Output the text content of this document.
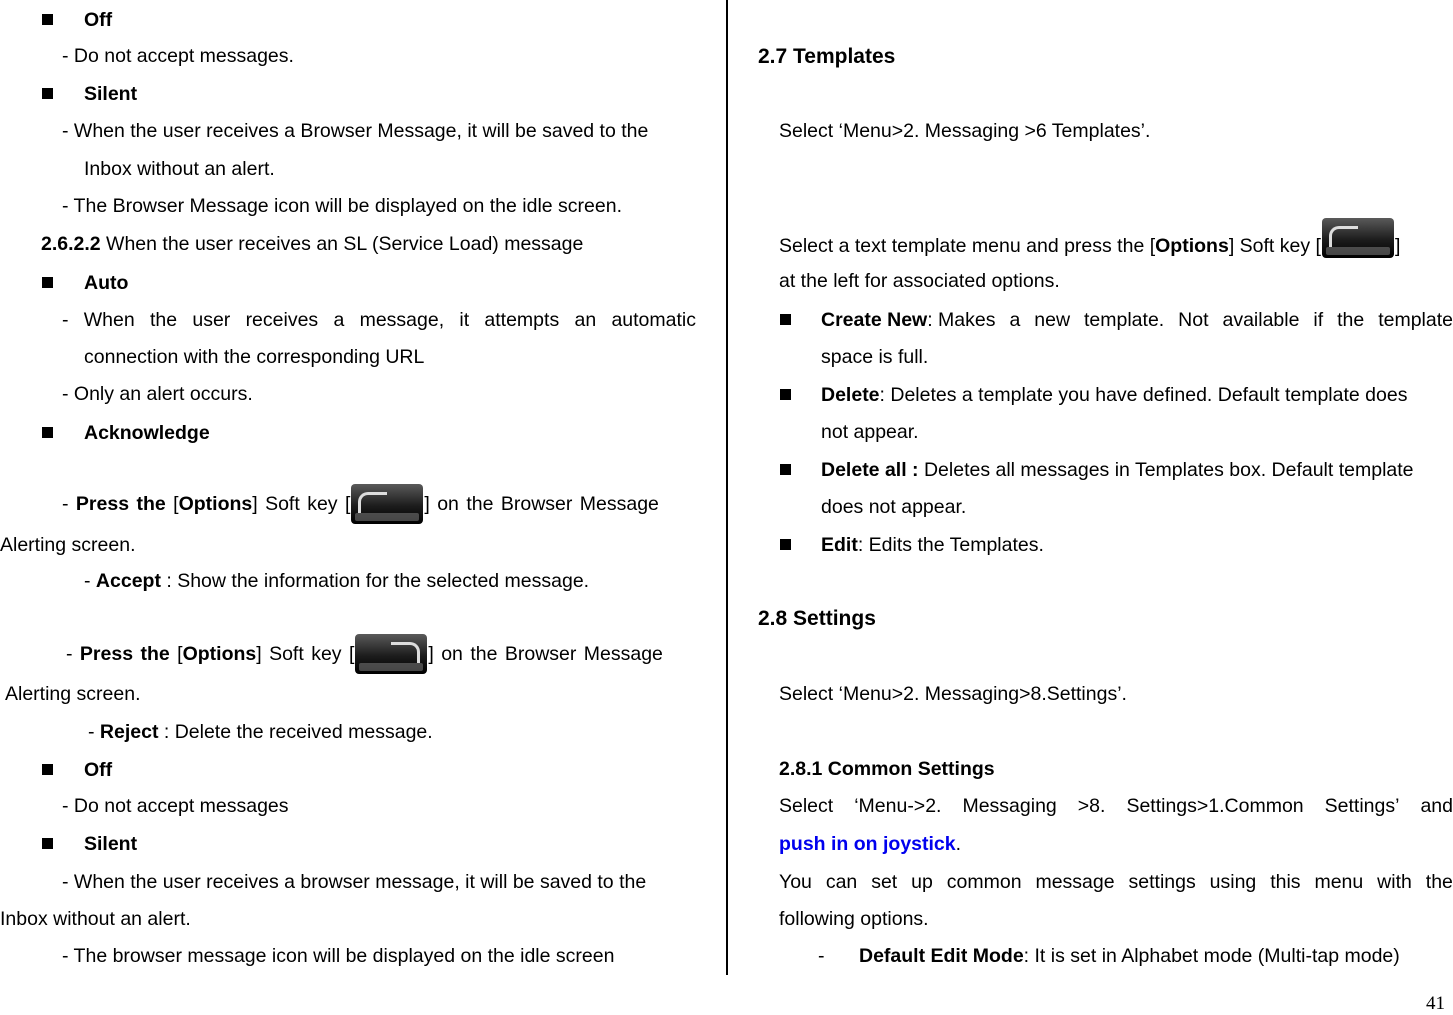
Off
- Do not accept messages.
Silent
- When the user receives a Browser Message, it will be saved to the
Inbox without an alert.
- The Browser Message icon will be displayed on the idle screen.
2.6.2.2 When the user receives an SL (Service Load) message
Auto
- When the user receives a message, it attempts an automatic
connection with the corresponding URL
- Only an alert occurs.
Acknowledge
- Press the [Options] Soft key [	] on the Browser Message
Alerting screen.
- Accept : Show the information for the selected message.
- Press the [Options] Soft key [	] on the Browser Message
Alerting screen.
- Reject : Delete the received message.
Off
- Do not accept messages
Silent
- When the user receives a browser message, it will be saved to the
Inbox without an alert.
- The browser message icon will be displayed on the idle screen
2.7 Templates
Select ‘Menu>2. Messaging >6 Templates’.
Select a text template menu and press the [Options] Soft key [	]
at the left for associated options.
Create New: Makes a new template. Not available if the template
space is full.
Delete: Deletes a template you have defined. Default template does
not appear.
Delete all : Deletes all messages in Templates box. Default template
does not appear.
Edit: Edits the Templates.
2.8 Settings
Select ‘Menu>2. Messaging>8.Settings’.
2.8.1 Common Settings
Select ‘Menu->2. Messaging >8. Settings>1.Common Settings’ and
push in on joystick.
You can set up common message settings using this menu with the
following options.
- Default Edit Mode: It is set in Alphabet mode (Multi-tap mode)
41
